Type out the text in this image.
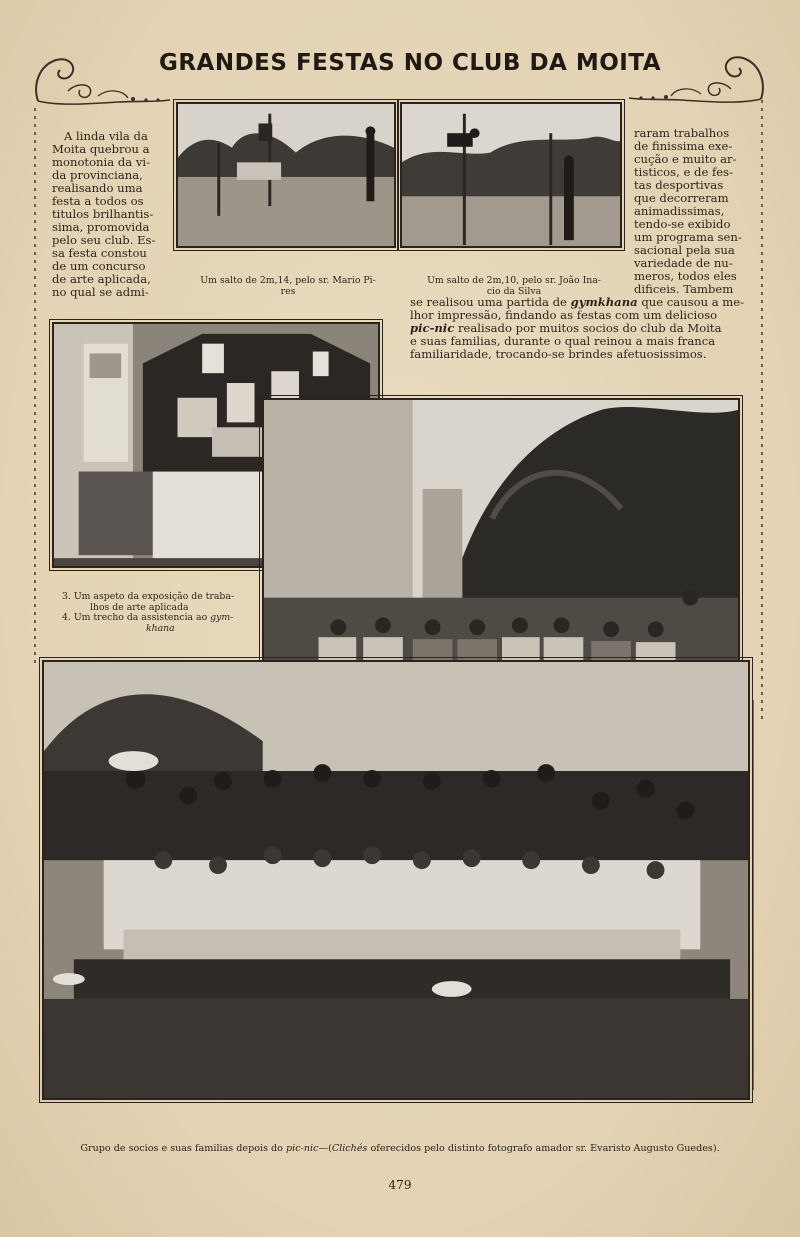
GRANDES FESTAS NO CLUB DA MOITA
A linda vila da
Moita quebrou a
monotonia da vi-
da provinciana,
realisando uma
festa a todos os
titulos brilhantis-
sima, promovida
pelo seu club. Es-
sa festa constou
de um concurso
de arte aplicada,
no qual se admi-
raram trabalhos
de finissima exe-
cução e muito ar-
tisticos, e de fes-
tas desportivas
que decorreram
animadissimas,
tendo-se exibido
um programa sen-
sacional pela sua
variedade de nu-
meros, todos eles
dificeis. Tambem
se realisou uma partida de gymkhana que causou a me-
lhor impressão, findando as festas com um delicioso
pic-nic realisado por muitos socios do club da Moita
e suas familias, durante o qual reinou a mais franca
familiaridade, trocando-se brindes afetuosissimos.
Um salto de 2m,14, pelo sr. Mario Pi-
res
Um salto de 2m,10, pelo sr. João Ina-
cio da Silva
3. Um aspeto da exposição de traba-
lhos de arte aplicada
4. Um trecho da assistencia ao gym-
khana
Grupo de socios e suas familias depois do pic-nic—(Clichés oferecidos pelo distinto fotografo amador sr. Evaristo Augusto Guedes).
479
